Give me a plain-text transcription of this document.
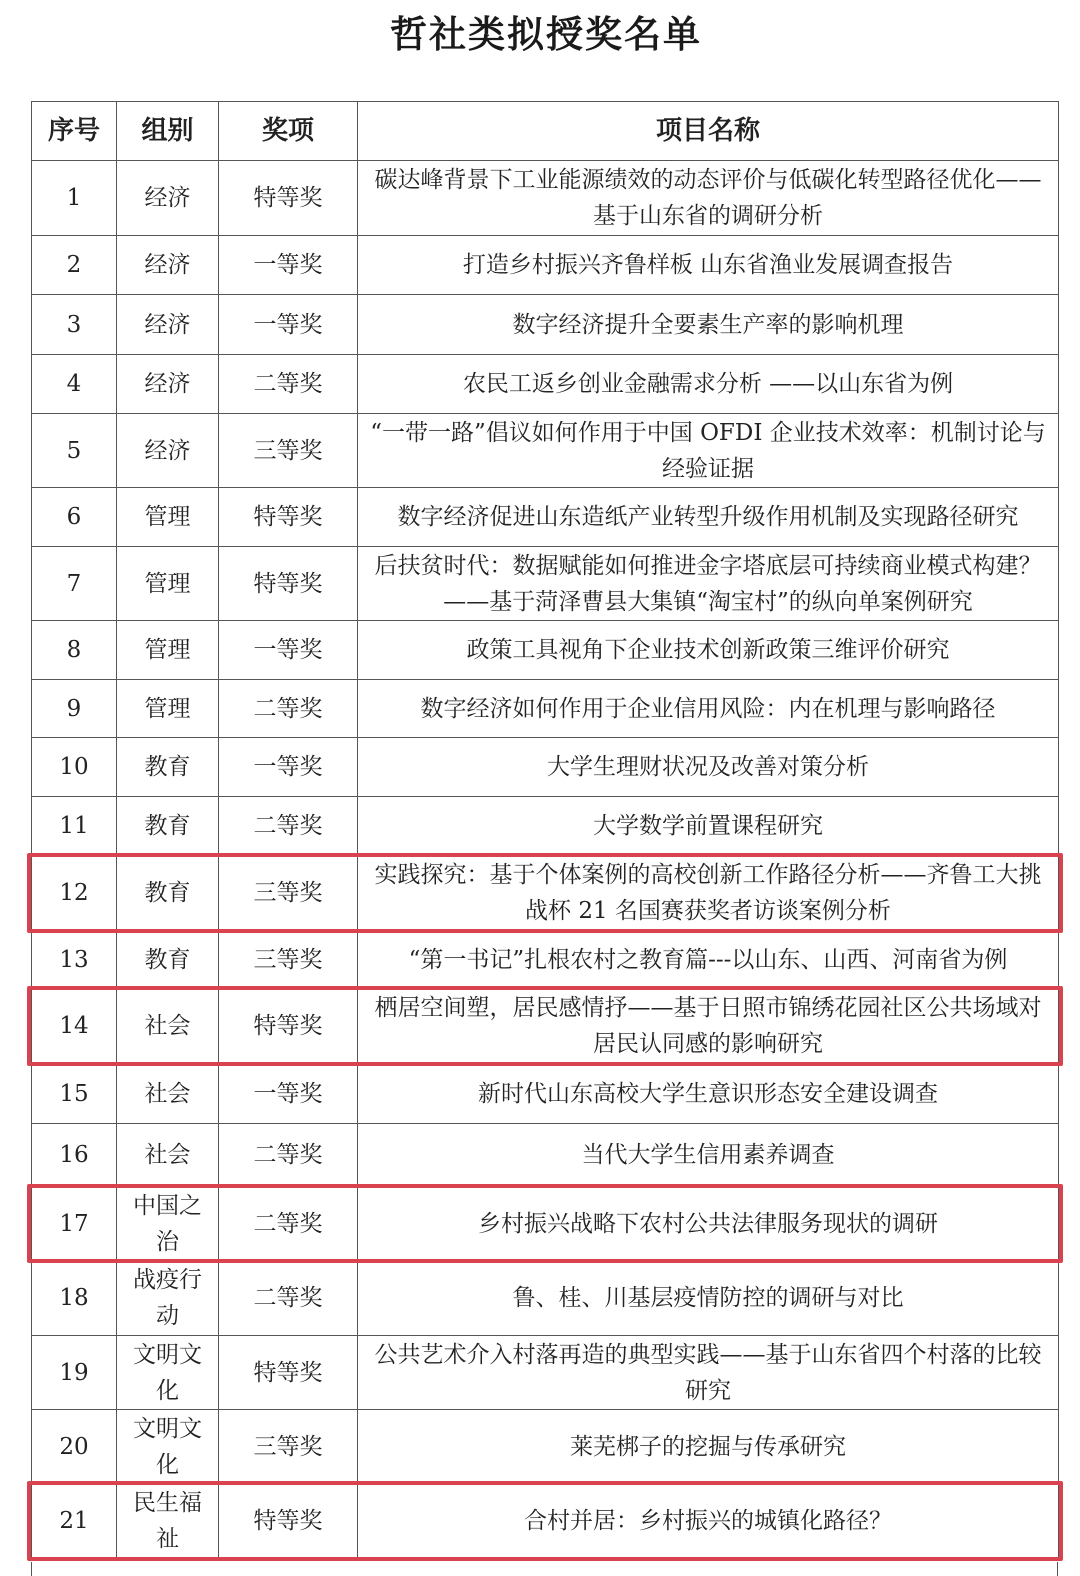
哲社类拟授奖名单
序号	组别	奖项	项目名称
1	经济	特等奖	碳达峰背景下工业能源绩效的动态评价与低碳化转型路径优化——基于山东省的调研分析
2	经济	一等奖	打造乡村振兴齐鲁样板 山东省渔业发展调查报告
3	经济	一等奖	数字经济提升全要素生产率的影响机理
4	经济	二等奖	农民工返乡创业金融需求分析 ——以山东省为例
5	经济	三等奖	“一带一路”倡议如何作用于中国 OFDI 企业技术效率：机制讨论与经验证据
6	管理	特等奖	数字经济促进山东造纸产业转型升级作用机制及实现路径研究
7	管理	特等奖	后扶贫时代：数据赋能如何推进金字塔底层可持续商业模式构建？——基于菏泽曹县大集镇“淘宝村”的纵向单案例研究
8	管理	一等奖	政策工具视角下企业技术创新政策三维评价研究
9	管理	二等奖	数字经济如何作用于企业信用风险：内在机理与影响路径
10	教育	一等奖	大学生理财状况及改善对策分析
11	教育	二等奖	大学数学前置课程研究
12	教育	三等奖	实践探究：基于个体案例的高校创新工作路径分析——齐鲁工大挑战杯 21 名国赛获奖者访谈案例分析
13	教育	三等奖	“第一书记”扎根农村之教育篇---以山东、山西、河南省为例
14	社会	特等奖	栖居空间塑，居民感情抒——基于日照市锦绣花园社区公共场域对居民认同感的影响研究
15	社会	一等奖	新时代山东高校大学生意识形态安全建设调查
16	社会	二等奖	当代大学生信用素养调查
17	中国之治	二等奖	乡村振兴战略下农村公共法律服务现状的调研
18	战疫行动	二等奖	鲁、桂、川基层疫情防控的调研与对比
19	文明文化	特等奖	公共艺术介入村落再造的典型实践——基于山东省四个村落的比较研究
20	文明文化	三等奖	莱芜梆子的挖掘与传承研究
21	民生福祉	特等奖	合村并居：乡村振兴的城镇化路径？
